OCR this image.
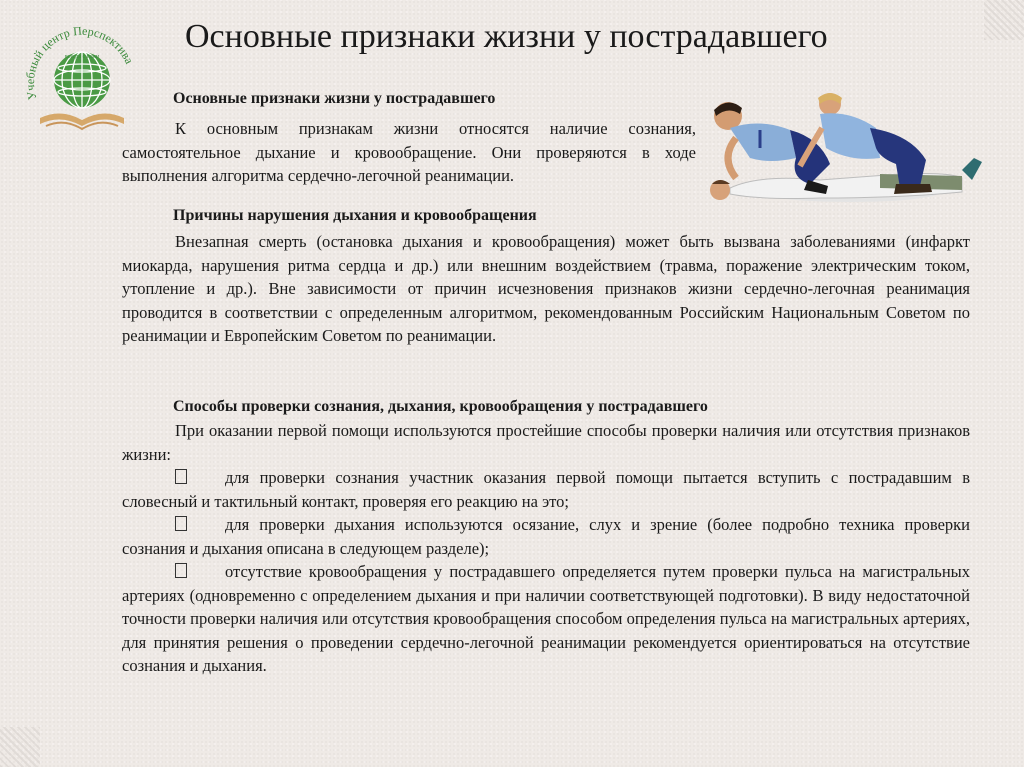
Учебный центр Перспектива
всегда с вами
Основные признаки жизни у пострадавшего
Основные признаки жизни у пострадавшего

К основным признакам жизни относятся наличие сознания, самостоятельное дыхание и кровообращение. Они проверяются в ходе выполнения алгоритма сердечно-легочной реанимации.

Причины нарушения дыхания и кровообращения

Внезапная смерть (остановка дыхания и кровообращения) может быть вызвана заболеваниями (инфаркт миокарда, нарушения ритма сердца и др.) или внешним воздействием (травма, поражение электрическим током, утопление и др.). Вне зависимости от причин исчезновения признаков жизни сердечно-легочная реанимация проводится в соответствии с определенным алгоритмом, рекомендованным Российским Национальным Советом по реанимации и Европейским Советом по реанимации.

Способы проверки сознания, дыхания, кровообращения у пострадавшего

При оказании первой помощи используются простейшие способы проверки наличия или отсутствия признаков жизни:

для проверки сознания участник оказания первой помощи пытается вступить с пострадавшим в словесный и тактильный контакт, проверяя его реакцию на это;

для проверки дыхания используются осязание, слух и зрение (более подробно техника проверки сознания и дыхания описана в следующем разделе);

отсутствие кровообращения у пострадавшего определяется путем проверки пульса на магистральных артериях (одновременно с определением дыхания и при наличии соответствующей подготовки). В виду недостаточной точности проверки наличия или отсутствия кровообращения способом определения пульса на магистральных артериях, для принятия решения о проведении сердечно-легочной реанимации рекомендуется ориентироваться на отсутствие сознания и дыхания.
